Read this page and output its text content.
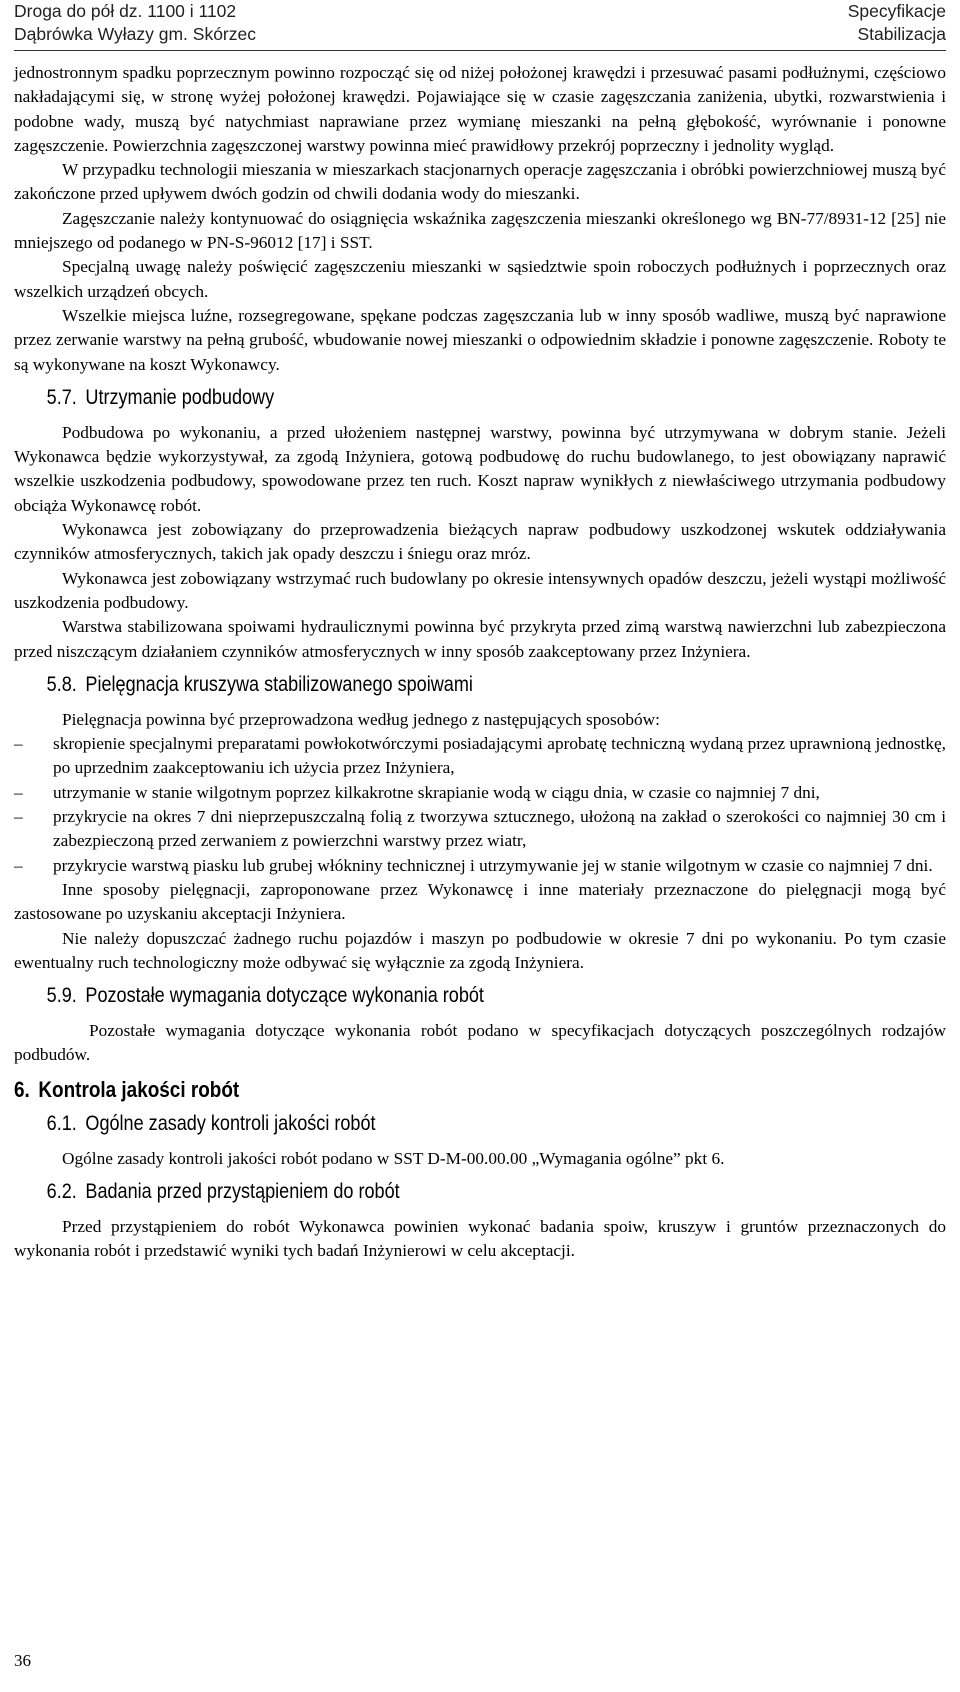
Droga do pół dz. 1100 i 1102
Dąbrówka Wyłazy gm. Skórzec
Specyfikacje
Stabilizacja

jednostronnym spadku poprzecznym powinno rozpocząć się od niżej położonej krawędzi i przesuwać pasami podłużnymi, częściowo nakładającymi się, w stronę wyżej położonej krawędzi. Pojawiające się w czasie zagęszczania zaniżenia, ubytki, rozwarstwienia i podobne wady, muszą być natychmiast naprawiane przez wymianę mieszanki na pełną głębokość, wyrównanie i ponowne zagęszczenie. Powierzchnia zagęszczonej warstwy powinna mieć prawidłowy przekrój poprzeczny i jednolity wygląd.

W przypadku technologii mieszania w mieszarkach stacjonarnych operacje zagęszczania i obróbki powierzchniowej muszą być zakończone przed upływem dwóch godzin od chwili dodania wody do mieszanki.

Zagęszczanie należy kontynuować do osiągnięcia wskaźnika zagęszczenia mieszanki określonego wg BN-77/8931-12 [25] nie mniejszego od podanego w PN-S-96012 [17] i SST.

Specjalną uwagę należy poświęcić zagęszczeniu mieszanki w sąsiedztwie spoin roboczych podłużnych i poprzecznych oraz wszelkich urządzeń obcych.

Wszelkie miejsca luźne, rozsegregowane, spękane podczas zagęszczania lub w inny sposób wadliwe, muszą być naprawione przez zerwanie warstwy na pełną grubość, wbudowanie nowej mieszanki o odpowiednim składzie i ponowne zagęszczenie. Roboty te są wykonywane na koszt Wykonawcy.

5.7. Utrzymanie podbudowy

Podbudowa po wykonaniu, a przed ułożeniem następnej warstwy, powinna być utrzymywana w dobrym stanie. Jeżeli Wykonawca będzie wykorzystywał, za zgodą Inżyniera, gotową podbudowę do ruchu budowlanego, to jest obowiązany naprawić wszelkie uszkodzenia podbudowy, spowodowane przez ten ruch. Koszt napraw wynikłych z niewłaściwego utrzymania podbudowy obciąża Wykonawcę robót.

Wykonawca jest zobowiązany do przeprowadzenia bieżących napraw podbudowy uszkodzonej wskutek oddziaływania czynników atmosferycznych, takich jak opady deszczu i śniegu oraz mróz.

Wykonawca jest zobowiązany wstrzymać ruch budowlany po okresie intensywnych opadów deszczu, jeżeli wystąpi możliwość uszkodzenia podbudowy.

Warstwa stabilizowana spoiwami hydraulicznymi powinna być przykryta przed zimą warstwą nawierzchni lub zabezpieczona przed niszczącym działaniem czynników atmosferycznych w inny sposób zaakceptowany przez Inżyniera.

5.8. Pielęgnacja kruszywa stabilizowanego spoiwami

Pielęgnacja powinna być przeprowadzona według jednego z następujących sposobów:

– skropienie specjalnymi preparatami powłokotwórczymi posiadającymi aprobatę techniczną wydaną przez uprawnioną jednostkę, po uprzednim zaakceptowaniu ich użycia przez Inżyniera,
– utrzymanie w stanie wilgotnym poprzez kilkakrotne skrapianie wodą w ciągu dnia, w czasie co najmniej 7 dni,
– przykrycie na okres 7 dni nieprzepuszczalną folią z tworzywa sztucznego, ułożoną na zakład o szerokości co najmniej 30 cm i zabezpieczoną przed zerwaniem z powierzchni warstwy przez wiatr,
– przykrycie warstwą piasku lub grubej włókniny technicznej i utrzymywanie jej w stanie wilgotnym w czasie co najmniej 7 dni.

Inne sposoby pielęgnacji, zaproponowane przez Wykonawcę i inne materiały przeznaczone do pielęgnacji mogą być zastosowane po uzyskaniu akceptacji Inżyniera.

Nie należy dopuszczać żadnego ruchu pojazdów i maszyn po podbudowie w okresie 7 dni po wykonaniu. Po tym czasie ewentualny ruch technologiczny może odbywać się wyłącznie za zgodą Inżyniera.

5.9. Pozostałe wymagania dotyczące wykonania robót

Pozostałe wymagania dotyczące wykonania robót podano w specyfikacjach dotyczących poszczególnych rodzajów podbudów.

6. Kontrola jakości robót
6.1. Ogólne zasady kontroli jakości robót

Ogólne zasady kontroli jakości robót podano w SST D-M-00.00.00 „Wymagania ogólne” pkt 6.

6.2. Badania przed przystąpieniem do robót

Przed przystąpieniem do robót Wykonawca powinien wykonać badania spoiw, kruszyw i gruntów przeznaczonych do wykonania robót i przedstawić wyniki tych badań Inżynierowi w celu akceptacji.

36
